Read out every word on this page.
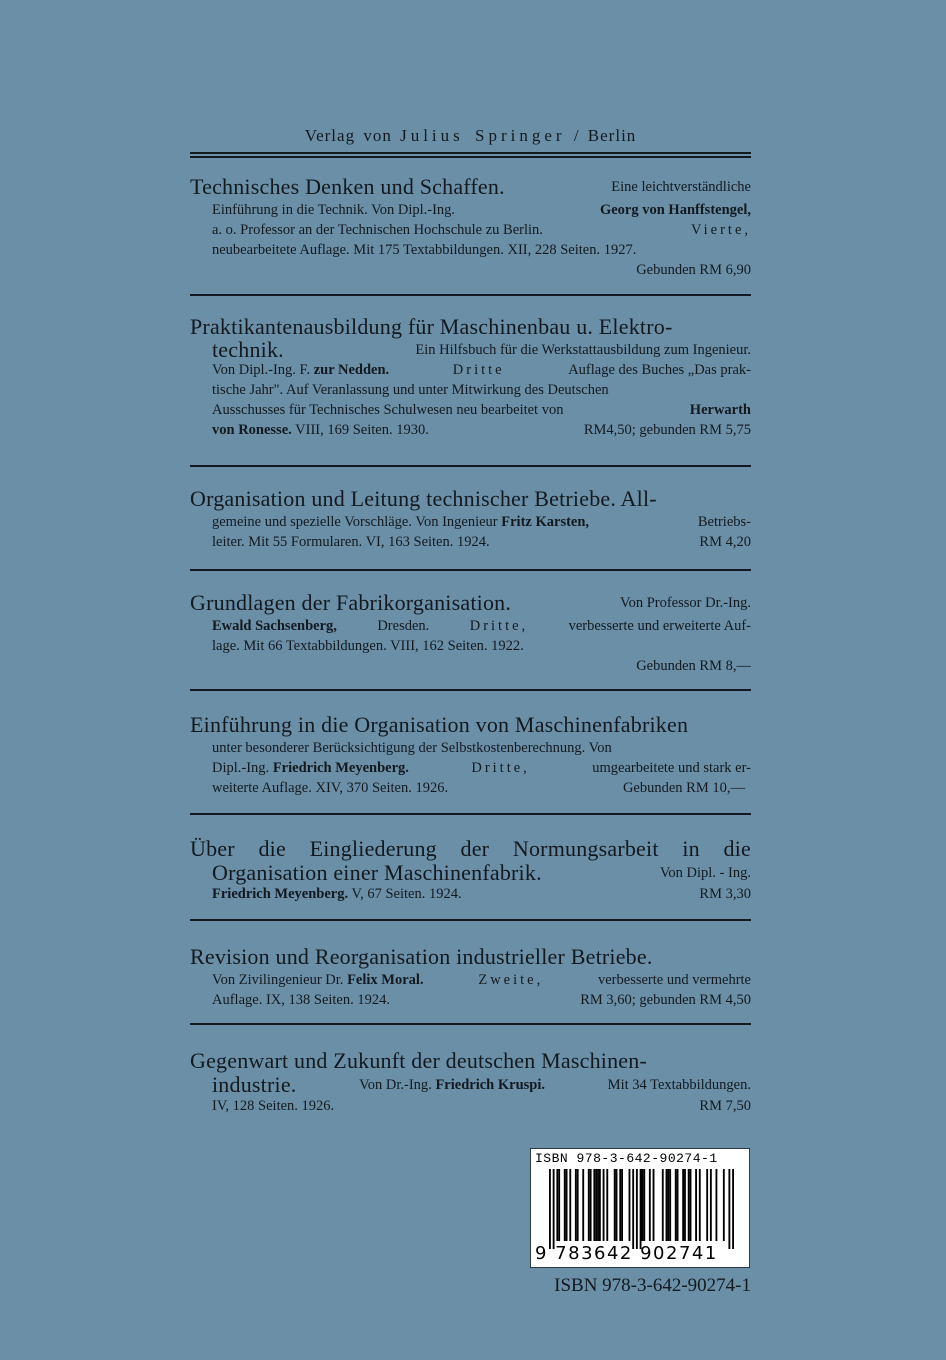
Verlag von Julius Springer / Berlin
Technisches Denken und Schaffen.	Eine leichtverständliche
Einführung in die Technik. Von Dipl.-Ing.	Georg von Hanffstengel,
a. o. Professor an der Technischen Hochschule zu Berlin.	Vierte,
neubearbeitete Auflage. Mit 175 Textabbildungen. XII, 228 Seiten. 1927.
Gebunden RM 6,90
Praktikantenausbildung für Maschinenbau u. Elektro-
technik.	Ein Hilfsbuch für die Werkstattausbildung zum Ingenieur.
Von Dipl.-Ing. F. zur Nedden.	Dritte	Auflage des Buches „Das prak-
tische Jahr". Auf Veranlassung und unter Mitwirkung des Deutschen
Ausschusses für Technisches Schulwesen neu bearbeitet von	Herwarth
von Ronesse. VIII, 169 Seiten. 1930.	RM4,50; gebunden RM 5,75
Organisation und Leitung technischer Betriebe. All-
gemeine und spezielle Vorschläge. Von Ingenieur Fritz Karsten,	Betriebs-
leiter. Mit 55 Formularen. VI, 163 Seiten. 1924.	RM 4,20
Grundlagen der Fabrikorganisation.	Von Professor Dr.-Ing.
Ewald Sachsenberg,	Dresden.	Dritte,	verbesserte und erweiterte Auf-
lage. Mit 66 Textabbildungen. VIII, 162 Seiten. 1922.
Gebunden RM 8,—
Einführung in die Organisation von Maschinenfabriken
unter besonderer Berücksichtigung der Selbstkostenberechnung. Von
Dipl.-Ing. Friedrich Meyenberg.	Dritte,	umgearbeitete und stark er-
weiterte Auflage. XIV, 370 Seiten. 1926.	Gebunden RM 10,—
Über die Eingliederung der Normungsarbeit in die
Organisation einer Maschinenfabrik.	Von Dipl. - Ing.
Friedrich Meyenberg. V, 67 Seiten. 1924.	RM 3,30
Revision und Reorganisation industrieller Betriebe.
Von Zivilingenieur Dr. Felix Moral.	Zweite,	verbesserte und vermehrte
Auflage. IX, 138 Seiten. 1924.	RM 3,60; gebunden RM 4,50
Gegenwart und Zukunft der deutschen Maschinen-
industrie.	Von Dr.-Ing. Friedrich Kruspi.	Mit 34 Textabbildungen.
IV, 128 Seiten. 1926.	RM 7,50
ISBN 978-3-642-90274-1
9 783642 902741
ISBN 978-3-642-90274-1
